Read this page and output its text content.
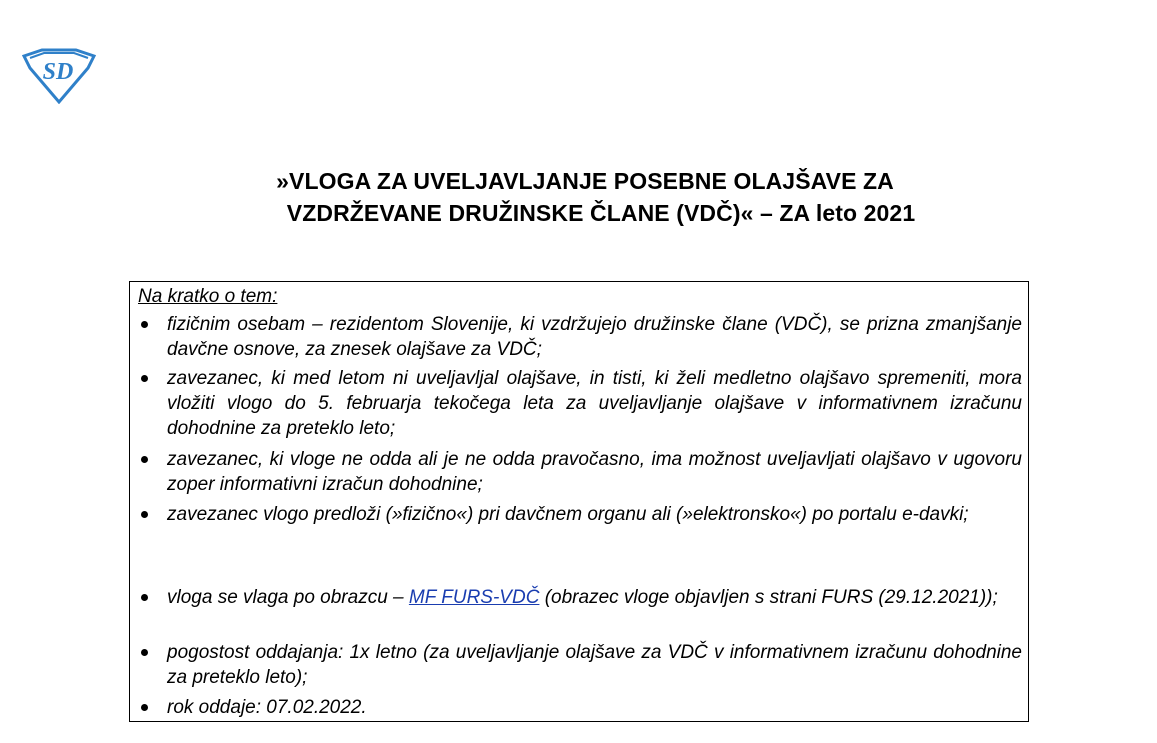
SD
»VLOGA ZA UVELJAVLJANJE POSEBNE OLAJŠAVE ZA
VZDRŽEVANE DRUŽINSKE ČLANE (VDČ)« – ZA leto 2021
Na kratko o tem:
fizičnim osebam – rezidentom Slovenije, ki vzdržujejo družinske člane (VDČ), se prizna zmanjšanje davčne osnove, za znesek olajšave za VDČ;
zavezanec, ki med letom ni uveljavljal olajšave, in tisti, ki želi medletno olajšavo spremeniti, mora vložiti vlogo do 5. februarja tekočega leta za uveljavljanje olajšave v informativnem izračunu dohodnine za preteklo leto;
zavezanec, ki vloge ne odda ali je ne odda pravočasno, ima možnost uveljavljati olajšavo v ugovoru zoper informativni izračun dohodnine;
zavezanec vlogo predloži (»fizično«) pri davčnem organu ali (»elektronsko«) po portalu e-davki;
vloga se vlaga po obrazcu – MF FURS-VDČ (obrazec vloge objavljen s strani FURS (29.12.2021));
pogostost oddajanja: 1x letno (za uveljavljanje olajšave za VDČ v informativnem izračunu dohodnine za preteklo leto);
rok oddaje: 07.02.2022.
